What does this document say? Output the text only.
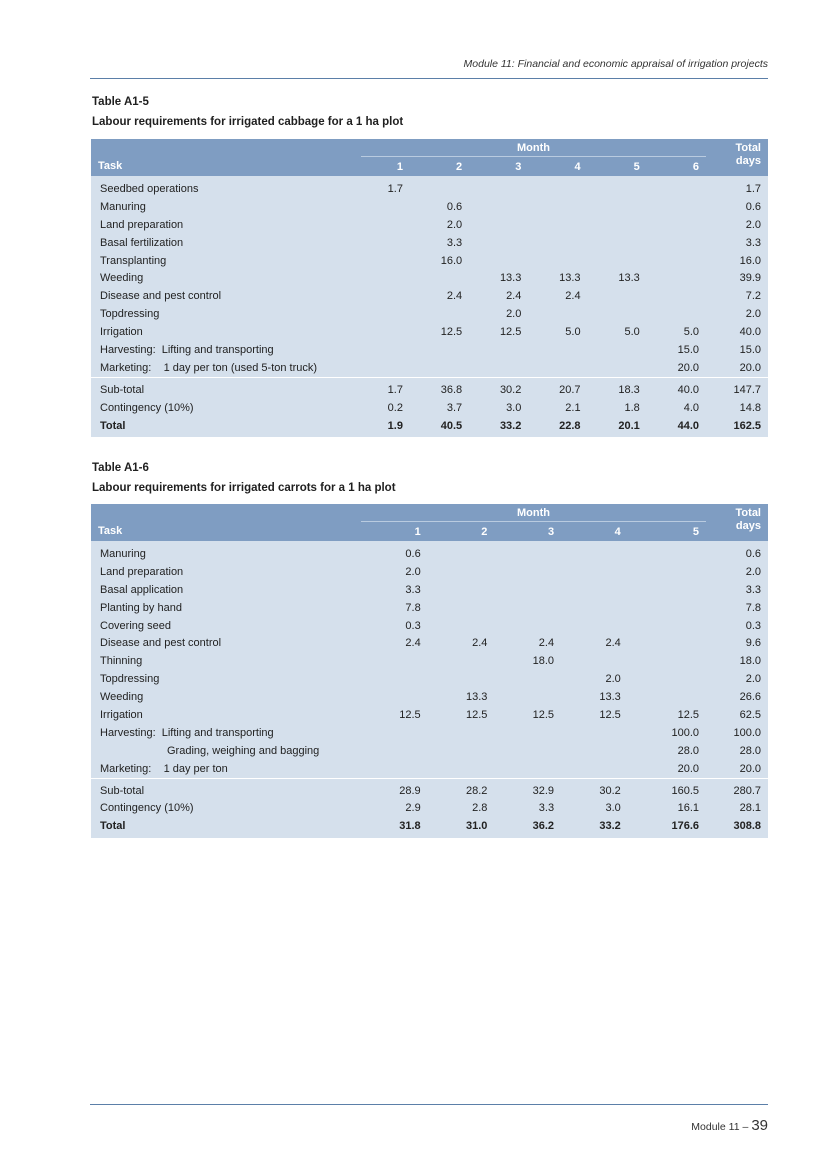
Module 11: Financial and economic appraisal of irrigation projects
Table A1-5
Labour requirements for irrigated cabbage for a 1 ha plot
Task	Month						Total
days
	1	2	3	4	5	6	
Seedbed operations	1.7						1.7
Manuring		0.6					0.6
Land preparation		2.0					2.0
Basal fertilization		3.3					3.3
Transplanting		16.0					16.0
Weeding			13.3	13.3	13.3		39.9
Disease and pest control		2.4	2.4	2.4			7.2
Topdressing			2.0				2.0
Irrigation		12.5	12.5	5.0	5.0	5.0	40.0
Harvesting:  Lifting and transporting						15.0	15.0
Marketing:    1 day per ton (used 5-ton truck)						20.0	20.0
Sub-total	1.7	36.8	30.2	20.7	18.3	40.0	147.7
Contingency (10%)	0.2	3.7	3.0	2.1	1.8	4.0	14.8
Total	1.9	40.5	33.2	22.8	20.1	44.0	162.5
Table A1-6
Labour requirements for irrigated carrots for a 1 ha plot
Task	Month					Total
days
	1	2	3	4	5	
Manuring	0.6					0.6
Land preparation	2.0					2.0
Basal application	3.3					3.3
Planting by hand	7.8					7.8
Covering seed	0.3					0.3
Disease and pest control	2.4	2.4	2.4	2.4		9.6
Thinning			18.0			18.0
Topdressing				2.0		2.0
Weeding		13.3		13.3		26.6
Irrigation	12.5	12.5	12.5	12.5	12.5	62.5
Harvesting:  Lifting and transporting					100.0	100.0
Grading, weighing and bagging					28.0	28.0
Marketing:    1 day per ton					20.0	20.0
Sub-total	28.9	28.2	32.9	30.2	160.5	280.7
Contingency (10%)	2.9	2.8	3.3	3.0	16.1	28.1
Total	31.8	31.0	36.2	33.2	176.6	308.8
Module 11 – 39
